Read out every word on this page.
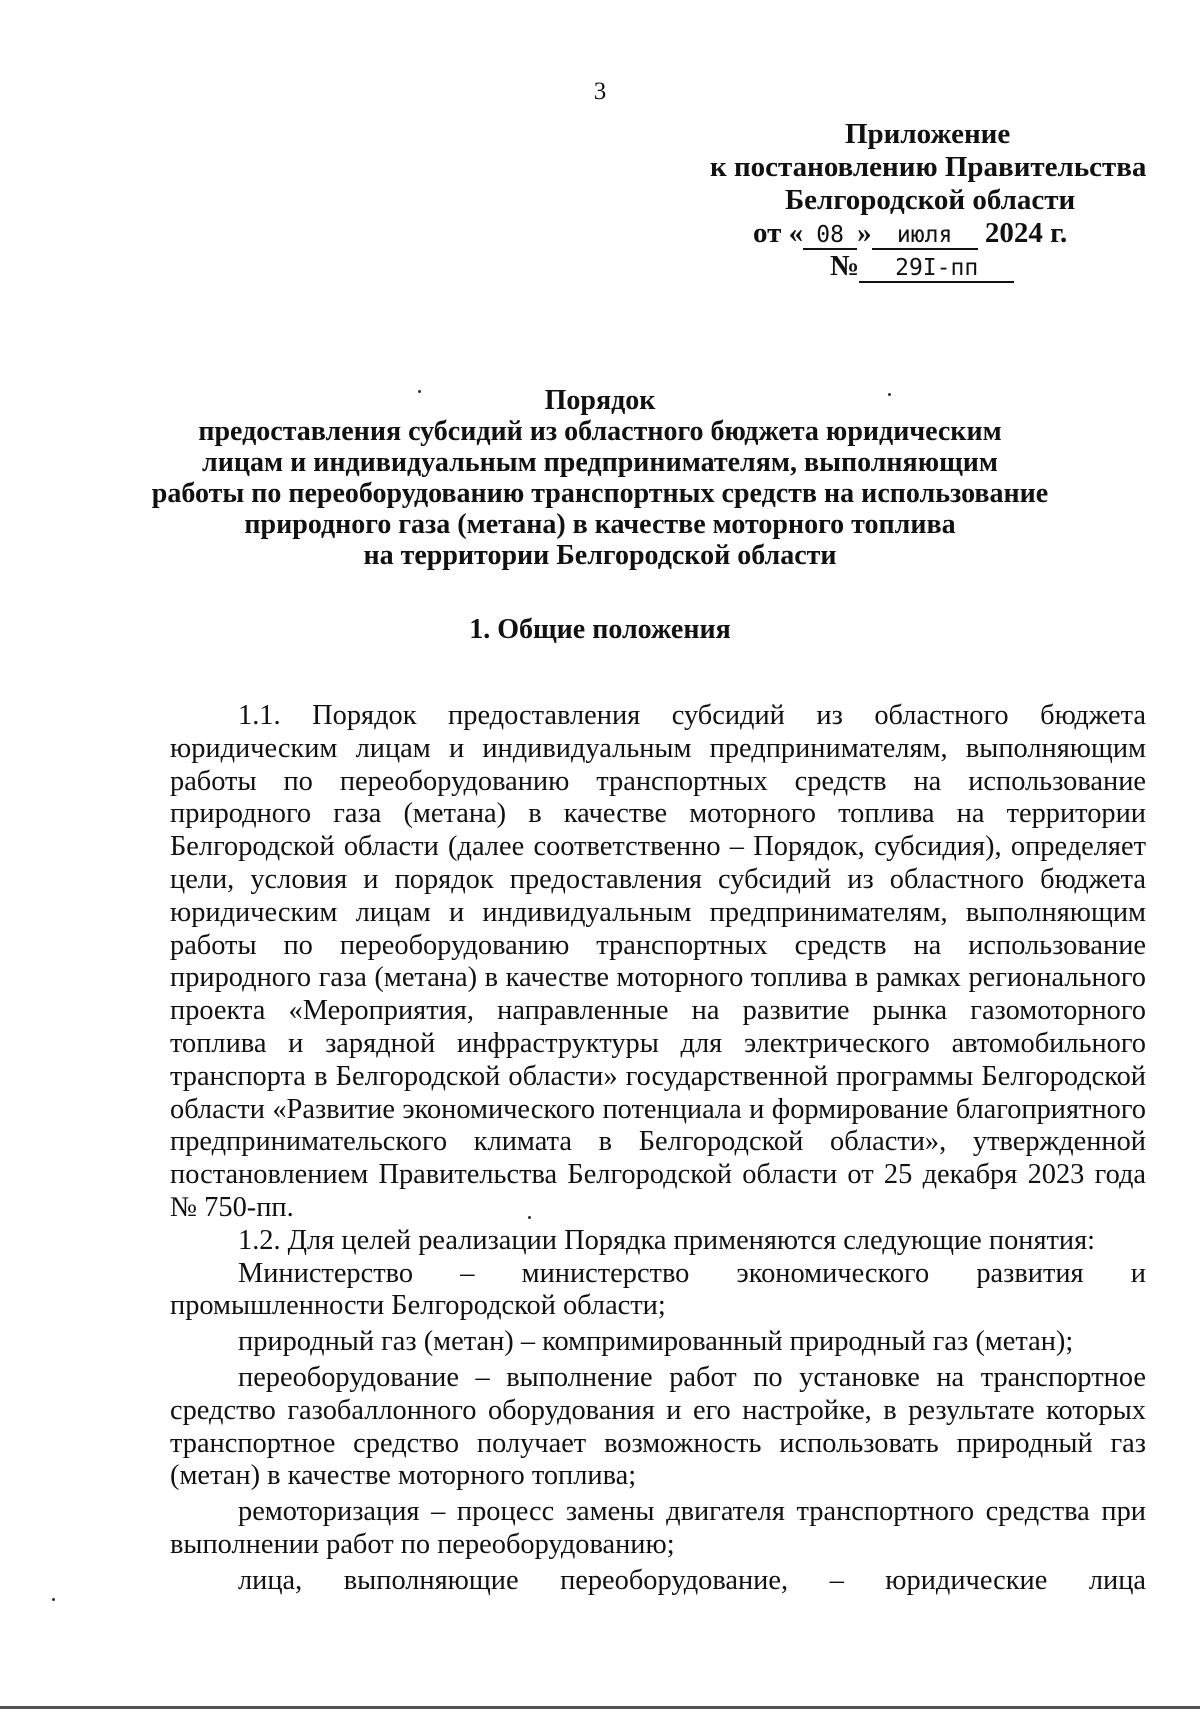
3
Приложение
к постановлению Правительства
Белгородской области
от « 08 » июля 2024 г.
№ 29I-пп
Порядок
предоставления субсидий из областного бюджета юридическим
лицам и индивидуальным предпринимателям, выполняющим
работы по переоборудованию транспортных средств на использование
природного газа (метана) в качестве моторного топлива
на территории Белгородской области
1. Общие положения

1.1. Порядок предоставления субсидий из областного бюджета юридическим лицам и индивидуальным предпринимателям, выполняющим работы по переоборудованию транспортных средств на использование природного газа (метана) в качестве моторного топлива на территории Белгородской области (далее соответственно – Порядок, субсидия), определяет цели, условия и порядок предоставления субсидий из областного бюджета юридическим лицам и индивидуальным предпринимателям, выполняющим работы по переоборудованию транспортных средств на использование природного газа (метана) в качестве моторного топлива в рамках регионального проекта «Мероприятия, направленные на развитие рынка газомоторного топлива и зарядной инфраструктуры для электрического автомобильного транспорта в Белгородской области» государственной программы Белгородской области «Развитие экономического потенциала и формирование благоприятного предпринимательского климата в Белгородской области», утвержденной постановлением Правительства Белгородской области от 25 декабря 2023 года № 750-пп.

1.2. Для целей реализации Порядка применяются следующие понятия:

Министерство – министерство экономического развития и промышленности Белгородской области;

природный газ (метан) – компримированный природный газ (метан);

переоборудование – выполнение работ по установке на транспортное средство газобаллонного оборудования и его настройке, в результате которых транспортное средство получает возможность использовать природный газ (метан) в качестве моторного топлива;

ремоторизация – процесс замены двигателя транспортного средства при выполнении работ по переоборудованию;

лица, выполняющие переоборудование, – юридические лица
